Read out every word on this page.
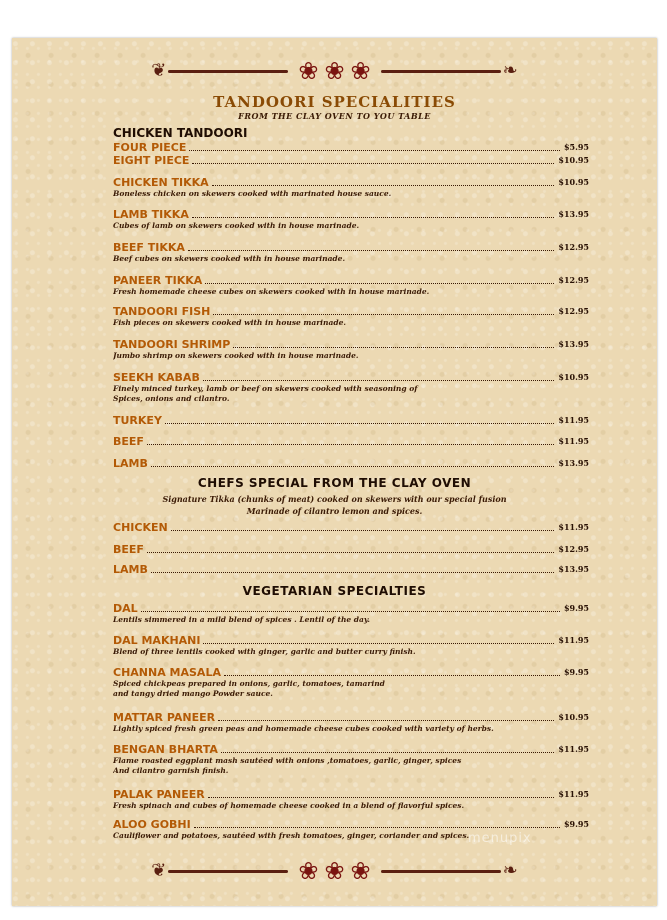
❦	❀ ❀ ❀	❧
TANDOORI SPECIALITIES
FROM THE CLAY OVEN TO YOU TABLE
CHICKEN TANDOORI
FOUR PIECE	$5.95
EIGHT PIECE	$10.95
CHICKEN TIKKA	$10.95
Boneless chicken on skewers cooked with marinated house sauce.
LAMB TIKKA	$13.95
Cubes of lamb on skewers cooked with in house marinade.
BEEF TIKKA	$12.95
Beef cubes on skewers cooked with in house marinade.
PANEER TIKKA	$12.95
Fresh homemade cheese cubes on skewers cooked with in house marinade.
TANDOORI FISH	$12.95
Fish pieces on skewers cooked with in house marinade.
TANDOORI SHRIMP	$13.95
Jumbo shrimp on skewers cooked with in house marinade.
SEEKH KABAB	$10.95
Finely minced turkey, lamb or beef on skewers cooked with seasoning of
Spices, onions and cilantro.
TURKEY	$11.95
BEEF	$11.95
LAMB	$13.95
CHEFS SPECIAL FROM THE CLAY OVEN
Signature Tikka (chunks of meat) cooked on skewers with our special fusion
Marinade of cilantro lemon and spices.
CHICKEN	$11.95
BEEF	$12.95
LAMB	$13.95
VEGETARIAN SPECIALTIES
DAL	$9.95
Lentils simmered in a mild blend of spices . Lentil of the day.
DAL MAKHANI	$11.95
Blend of three lentils cooked with ginger, garlic and butter curry finish.
CHANNA MASALA	$9.95
Spiced chickpeas prepared in onions, garlic, tomatoes, tamarind
and tangy dried mango Powder sauce.
MATTAR PANEER	$10.95
Lightly spiced fresh green peas and homemade cheese cubes cooked with variety of herbs.
BENGAN BHARTA	$11.95
Flame roasted eggplant mash sautéed with onions ,tomatoes, garlic, ginger, spices
And cilantro garnish finish.
PALAK PANEER	$11.95
Fresh spinach and cubes of homemade cheese cooked in a blend of flavorful spices.
ALOO GOBHI	$9.95
Cauliflower and potatoes, sautéed with fresh tomatoes, ginger, coriander and spices.
❦	❀ ❀ ❀	❧
menupix
